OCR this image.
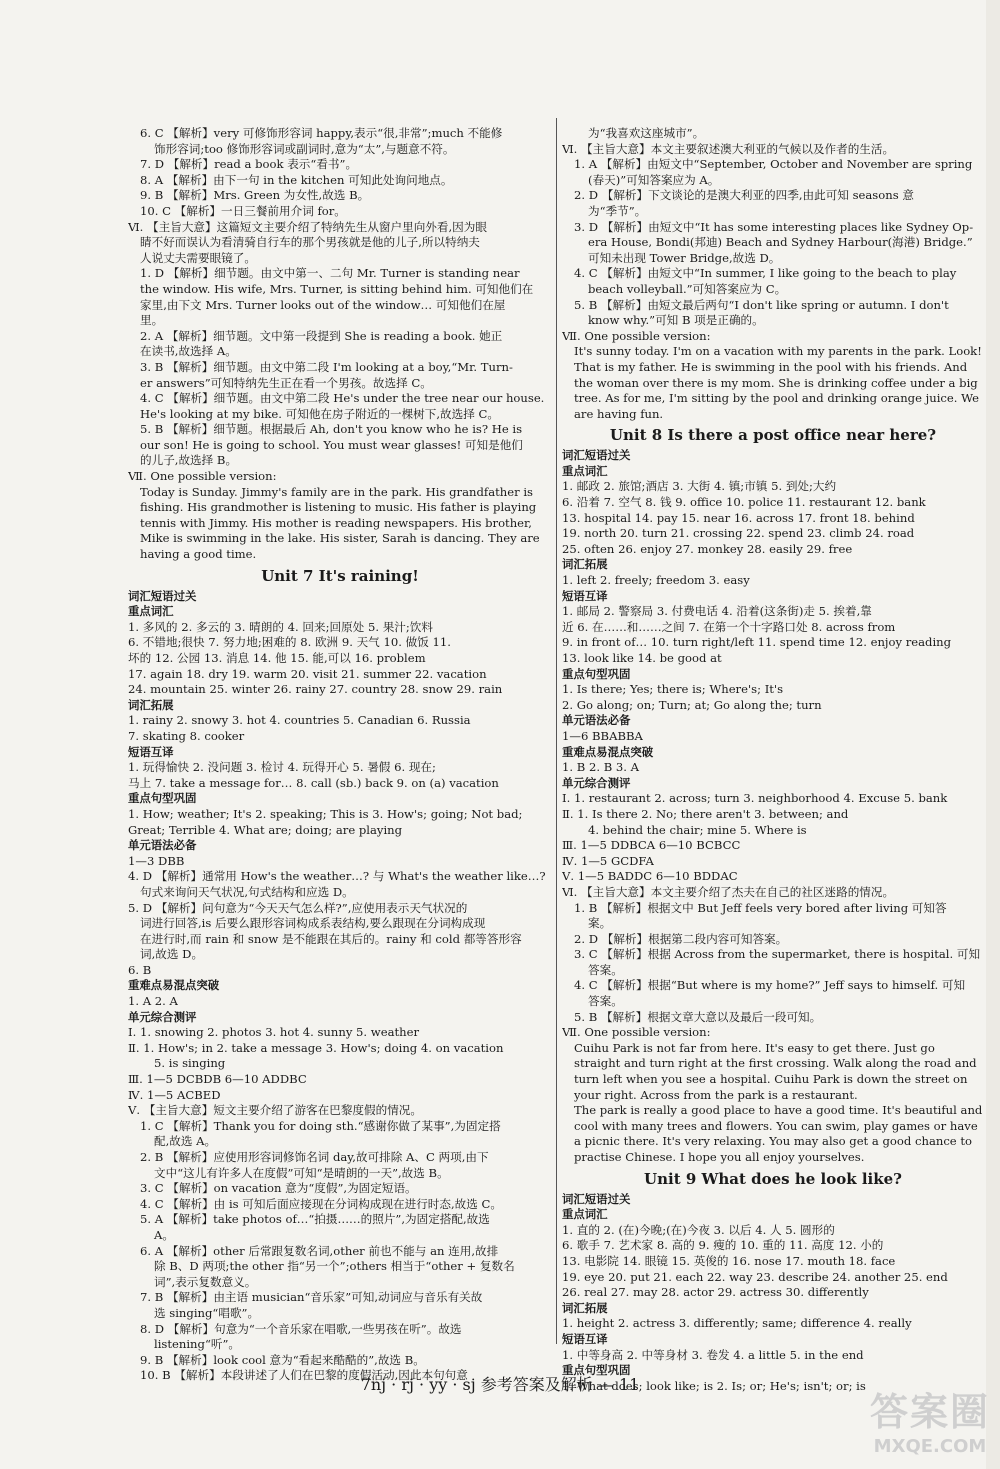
6. C 【解析】very 可修饰形容词 happy,表示“很,非常”;much 不能修

饰形容词;too 修饰形容词或副词时,意为“太”,与题意不符。

7. D 【解析】read a book 表示“看书”。

8. A 【解析】由下一句 in the kitchen 可知此处询问地点。

9. B 【解析】Mrs. Green 为女性,故选 B。

10. C 【解析】一日三餐前用介词 for。

Ⅵ. 【主旨大意】这篇短文主要介绍了特纳先生从窗户里向外看,因为眼

睛不好而误认为看清骑自行车的那个男孩就是他的儿子,所以特纳夫

人说丈夫需要眼镜了。

1. D 【解析】细节题。由文中第一、二句 Mr. Turner is standing near

the window. His wife, Mrs. Turner, is sitting behind him. 可知他们在

家里,由下文 Mrs. Turner looks out of the window… 可知他们在屋

里。

2. A 【解析】细节题。文中第一段提到 She is reading a book. 她正

在读书,故选择 A。

3. B 【解析】细节题。由文中第二段 I'm looking at a boy,“Mr. Turn-

er answers”可知特纳先生正在看一个男孩。故选择 C。

4. C 【解析】细节题。由文中第二段 He's under the tree near our house.

He's looking at my bike. 可知他在房子附近的一棵树下,故选择 C。

5. B 【解析】细节题。根据最后 Ah, don't you know who he is? He is

our son! He is going to school. You must wear glasses! 可知是他们

的儿子,故选择 B。

Ⅶ. One possible version:

Today is Sunday. Jimmy's family are in the park. His grandfather is fishing. His grandmother is listening to music. His father is playing tennis with Jimmy. His mother is reading newspapers. His brother, Mike is swimming in the lake. His sister, Sarah is dancing. They are having a good time.

Unit 7 It's raining!

词汇短语过关

重点词汇

1. 多风的 2. 多云的 3. 晴朗的 4. 回来;回原处 5. 果汁;饮料

6. 不错地;很快 7. 努力地;困难的 8. 欧洲 9. 天气 10. 做饭 11.

坏的 12. 公园 13. 消息 14. 他 15. 能,可以 16. problem

17. again 18. dry 19. warm 20. visit 21. summer 22. vacation

24. mountain 25. winter 26. rainy 27. country 28. snow 29. rain

词汇拓展

1. rainy 2. snowy 3. hot 4. countries 5. Canadian 6. Russia

7. skating 8. cooker

短语互译

1. 玩得愉快 2. 没问题 3. 检讨 4. 玩得开心 5. 暑假 6. 现在;

马上 7. take a message for… 8. call (sb.) back 9. on (a) vacation

重点句型巩固

1. How; weather; It's 2. speaking; This is 3. How's; going; Not bad;

Great; Terrible 4. What are; doing; are playing

单元语法必备

1—3 DBB

4. D 【解析】通常用 How's the weather…? 与 What's the weather like…?

句式来询问天气状况,句式结构和应选 D。

5. D 【解析】问句意为“今天天气怎么样?”,应使用表示天气状况的

词进行回答,is 后要么跟形容词构成系表结构,要么跟现在分词构成现

在进行时,而 rain 和 snow 是不能跟在其后的。rainy 和 cold 都等答形容

词,故选 D。

6. B

重难点易混点突破

1. A 2. A

单元综合测评

Ⅰ. 1. snowing 2. photos 3. hot 4. sunny 5. weather

Ⅱ. 1. How's; in 2. take a message 3. How's; doing 4. on vacation

5. is singing

Ⅲ. 1—5 DCBDB 6—10 ADDBC

Ⅳ. 1—5 ACBED

Ⅴ. 【主旨大意】短文主要介绍了游客在巴黎度假的情况。

1. C 【解析】Thank you for doing sth.“感谢你做了某事”,为固定搭

配,故选 A。

2. B 【解析】应使用形容词修饰名词 day,故可排除 A、C 两项,由下

文中“这儿有许多人在度假”可知“是晴朗的一天”,故选 B。

3. C 【解析】on vacation 意为“度假”,为固定短语。

4. C 【解析】由 is 可知后面应接现在分词构成现在进行时态,故选 C。

5. A 【解析】take photos of…“拍摄……的照片”,为固定搭配,故选

A。

6. A 【解析】other 后常跟复数名词,other 前也不能与 an 连用,故排

除 B、D 两项;the other 指“另一个”;others 相当于“other + 复数名

词”,表示复数意义。

7. B 【解析】由主语 musician“音乐家”可知,动词应与音乐有关故

选 singing“唱歌”。

8. D 【解析】句意为“一个音乐家在唱歌,一些男孩在听”。故选

listening“听”。

9. B 【解析】look cool 意为“看起来酷酷的”,故选 B。

10. B 【解析】本段讲述了人们在巴黎的度假活动,因此本句句意

为“我喜欢这座城市”。

Ⅵ. 【主旨大意】本文主要叙述澳大利亚的气候以及作者的生活。

1. A 【解析】由短文中“September, October and November are spring

(春天)”可知答案应为 A。

2. D 【解析】下文谈论的是澳大利亚的四季,由此可知 seasons 意

为“季节”。

3. D 【解析】由短文中“It has some interesting places like Sydney Op-

era House, Bondi(邦迪) Beach and Sydney Harbour(海港) Bridge.”

可知未出现 Tower Bridge,故选 D。

4. C 【解析】由短文中“In summer, I like going to the beach to play

beach volleyball.”可知答案应为 C。

5. B 【解析】由短文最后两句“I don't like spring or autumn. I don't

know why.”可知 B 项是正确的。

Ⅶ. One possible version:

It's sunny today. I'm on a vacation with my parents in the park. Look! That is my father. He is swimming in the pool with his friends. And the woman over there is my mom. She is drinking coffee under a big tree. As for me, I'm sitting by the pool and drinking orange juice. We are having fun.

Unit 8 Is there a post office near here?

词汇短语过关

重点词汇

1. 邮政 2. 旅馆;酒店 3. 大街 4. 镇;市镇 5. 到处;大约

6. 沿着 7. 空气 8. 钱 9. office 10. police 11. restaurant 12. bank

13. hospital 14. pay 15. near 16. across 17. front 18. behind

19. north 20. turn 21. crossing 22. spend 23. climb 24. road

25. often 26. enjoy 27. monkey 28. easily 29. free

词汇拓展

1. left 2. freely; freedom 3. easy

短语互译

1. 邮局 2. 警察局 3. 付费电话 4. 沿着(这条街)走 5. 挨着,靠

近 6. 在……和……之间 7. 在第一个十字路口处 8. across from

9. in front of… 10. turn right/left 11. spend time 12. enjoy reading

13. look like 14. be good at

重点句型巩固

1. Is there; Yes; there is; Where's; It's

2. Go along; on; Turn; at; Go along the; turn

单元语法必备

1—6 BBABBA

重难点易混点突破

1. B 2. B 3. A

单元综合测评

Ⅰ. 1. restaurant 2. across; turn 3. neighborhood 4. Excuse 5. bank

Ⅱ. 1. Is there 2. No; there aren't 3. between; and

4. behind the chair; mine 5. Where is

Ⅲ. 1—5 DDBCA 6—10 BCBCC

Ⅳ. 1—5 GCDFA

Ⅴ. 1—5 BADDC 6—10 BDDAC

Ⅵ. 【主旨大意】本文主要介绍了杰夫在自己的社区迷路的情况。

1. B 【解析】根据文中 But Jeff feels very bored after living 可知答

案。

2. D 【解析】根据第二段内容可知答案。

3. C 【解析】根据 Across from the supermarket, there is hospital. 可知

答案。

4. C 【解析】根据“But where is my home?” Jeff says to himself. 可知

答案。

5. B 【解析】根据文章大意以及最后一段可知。

Ⅶ. One possible version:

Cuihu Park is not far from here. It's easy to get there. Just go straight and turn right at the first crossing. Walk along the road and turn left when you see a hospital. Cuihu Park is down the street on your right. Across from the park is a restaurant.

The park is really a good place to have a good time. It's beautiful and cool with many trees and flowers. You can swim, play games or have a picnic there. It's very relaxing. You may also get a good chance to practise Chinese. I hope you all enjoy yourselves.

Unit 9 What does he look like?

词汇短语过关

重点词汇

1. 直的 2. (在)今晚;(在)今夜 3. 以后 4. 人 5. 圆形的

6. 歌手 7. 艺术家 8. 高的 9. 瘦的 10. 重的 11. 高度 12. 小的

13. 电影院 14. 眼镜 15. 英俊的 16. nose 17. mouth 18. face

19. eye 20. put 21. each 22. way 23. describe 24. another 25. end

26. real 27. may 28. actor 29. actress 30. differently

词汇拓展

1. height 2. actress 3. differently; same; difference 4. really

短语互译

1. 中等身高 2. 中等身材 3. 卷发 4. a little 5. in the end

重点句型巩固

1. What does; look like; is 2. Is; or; He's; isn't; or; is

7nj · rj · yy · sj 参考答案及解析 — 11
答案圈
MXQE.COM
